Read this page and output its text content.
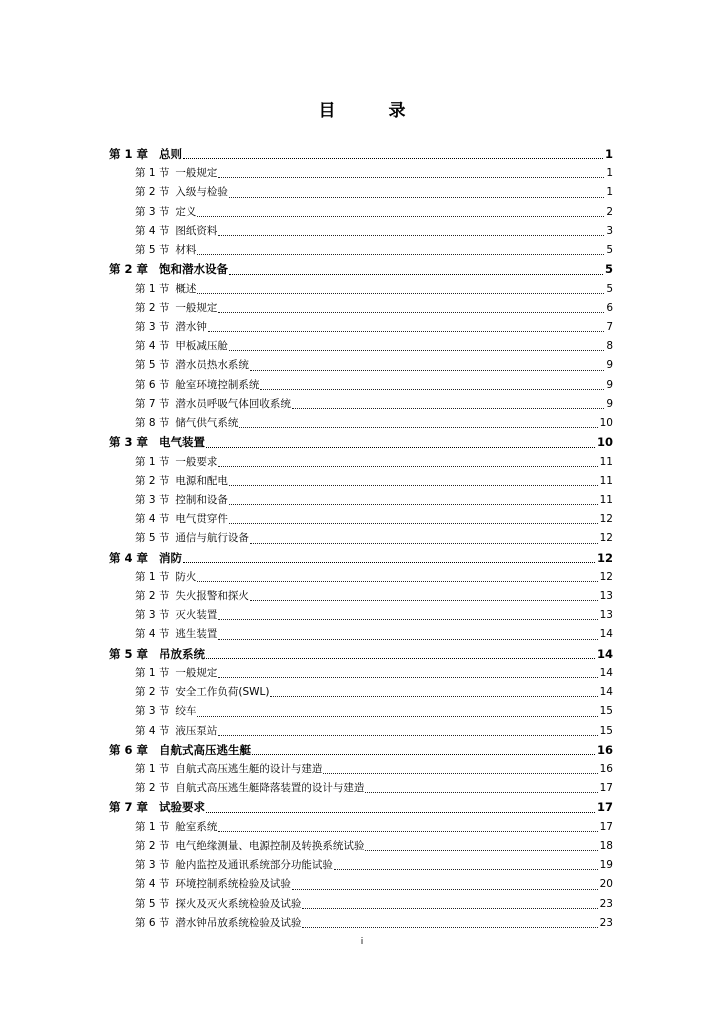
目　录
第 1 章 总则	1
第 1 节 一般规定	1
第 2 节 入级与检验	1
第 3 节 定义	2
第 4 节 图纸资料	3
第 5 节 材料	5
第 2 章 饱和潜水设备	5
第 1 节 概述	5
第 2 节 一般规定	6
第 3 节 潜水钟	7
第 4 节 甲板减压舱	8
第 5 节 潜水员热水系统	9
第 6 节 舱室环境控制系统	9
第 7 节 潜水员呼吸气体回收系统	9
第 8 节 储气供气系统	10
第 3 章 电气装置	10
第 1 节 一般要求	11
第 2 节 电源和配电	11
第 3 节 控制和设备	11
第 4 节 电气贯穿件	12
第 5 节 通信与航行设备	12
第 4 章 消防	12
第 1 节 防火	12
第 2 节 失火报警和探火	13
第 3 节 灭火装置	13
第 4 节 逃生装置	14
第 5 章 吊放系统	14
第 1 节 一般规定	14
第 2 节 安全工作负荷(SWL)	14
第 3 节 绞车	15
第 4 节 液压泵站	15
第 6 章 自航式高压逃生艇	16
第 1 节 自航式高压逃生艇的设计与建造	16
第 2 节 自航式高压逃生艇降落装置的设计与建造	17
第 7 章 试验要求	17
第 1 节 舱室系统	17
第 2 节 电气绝缘测量、电源控制及转换系统试验	18
第 3 节 舱内监控及通讯系统部分功能试验	19
第 4 节 环境控制系统检验及试验	20
第 5 节 探火及灭火系统检验及试验	23
第 6 节 潜水钟吊放系统检验及试验	23
i
